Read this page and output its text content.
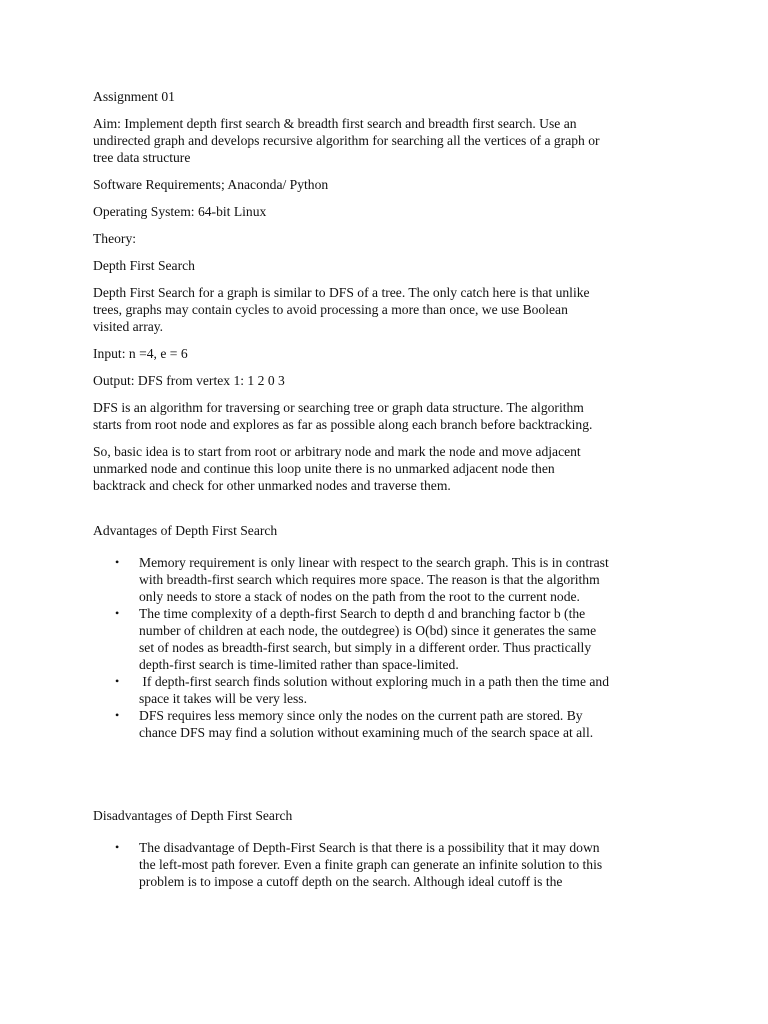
Assignment 01

Aim: Implement depth first search & breadth first search and breadth first search. Use an
undirected graph and develops recursive algorithm for searching all the vertices of a graph or
tree data structure

Software Requirements; Anaconda/ Python

Operating System: 64-bit Linux

Theory:

Depth First Search

Depth First Search for a graph is similar to DFS of a tree. The only catch here is that unlike
trees, graphs may contain cycles to avoid processing a more than once, we use Boolean
visited array.

Input: n =4, e = 6

Output: DFS from vertex 1: 1 2 0 3

DFS is an algorithm for traversing or searching tree or graph data structure. The algorithm
starts from root node and explores as far as possible along each branch before backtracking.
So, basic idea is to start from root or arbitrary node and mark the node and move adjacent
unmarked node and continue this loop unite there is no unmarked adjacent node then
backtrack and check for other unmarked nodes and traverse them.

Advantages of Depth First Search

• Memory requirement is only linear with respect to the search graph. This is in contrast
with breadth-first search which requires more space. The reason is that the algorithm
only needs to store a stack of nodes on the path from the root to the current node.
• The time complexity of a depth-first Search to depth d and branching factor b (the
number of children at each node, the outdegree) is O(bd) since it generates the same
set of nodes as breadth-first search, but simply in a different order. Thus practically
depth-first search is time-limited rather than space-limited.
• If depth-first search finds solution without exploring much in a path then the time and
space it takes will be very less.
• DFS requires less memory since only the nodes on the current path are stored. By
chance DFS may find a solution without examining much of the search space at all.

Disadvantages of Depth First Search

• The disadvantage of Depth-First Search is that there is a possibility that it may down
the left-most path forever. Even a finite graph can generate an infinite solution to this
problem is to impose a cutoff depth on the search. Although ideal cutoff is the
